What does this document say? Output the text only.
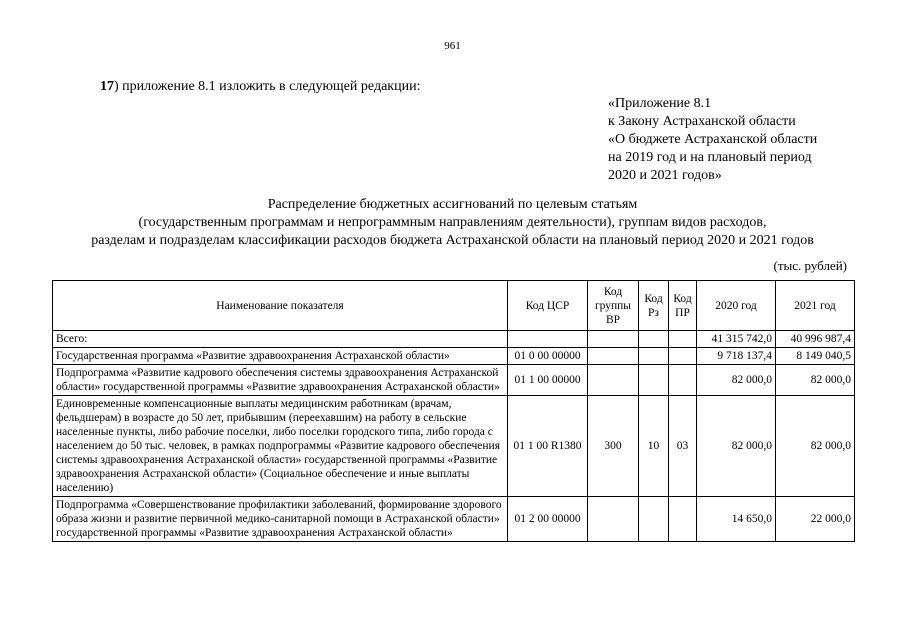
961
17) приложение 8.1 изложить в следующей редакции:
«Приложение 8.1
к Закону Астраханской области
«О бюджете Астраханской области
на 2019 год и на плановый период
2020 и 2021 годов»
Распределение бюджетных ассигнований по целевым статьям
(государственным программам и непрограммным направлениям деятельности), группам видов расходов,
разделам и подразделам классификации расходов бюджета Астраханской области на плановый период 2020 и 2021 годов
(тыс. рублей)
Наименование показателя	Код ЦСР	Код группы ВР	Код Рз	Код ПР	2020 год	2021 год
Всего:					41 315 742,0	40 996 987,4
Государственная программа «Развитие здравоохранения Астраханской области»	01 0 00 00000				9 718 137,4	8 149 040,5
Подпрограмма «Развитие кадрового обеспечения системы здравоохранения Астраханской области» государственной программы «Развитие здравоохранения Астраханской области»	01 1 00 00000				82 000,0	82 000,0
Единовременные компенсационные выплаты медицинским работникам (врачам, фельдшерам) в возрасте до 50 лет, прибывшим (переехавшим) на работу в сельские населенные пункты, либо рабочие поселки, либо поселки городского типа, либо города с населением до 50 тыс. человек, в рамках подпрограммы «Развитие кадрового обеспечения системы здравоохранения Астраханской области» государственной программы «Развитие здравоохранения Астраханской области» (Социальное обеспечение и иные выплаты населению)	01 1 00 R1380	300	10	03	82 000,0	82 000,0
Подпрограмма «Совершенствование профилактики заболеваний, формирование здорового образа жизни и развитие первичной медико-санитарной помощи в Астраханской области» государственной программы «Развитие здравоохранения Астраханской области»	01 2 00 00000				14 650,0	22 000,0
